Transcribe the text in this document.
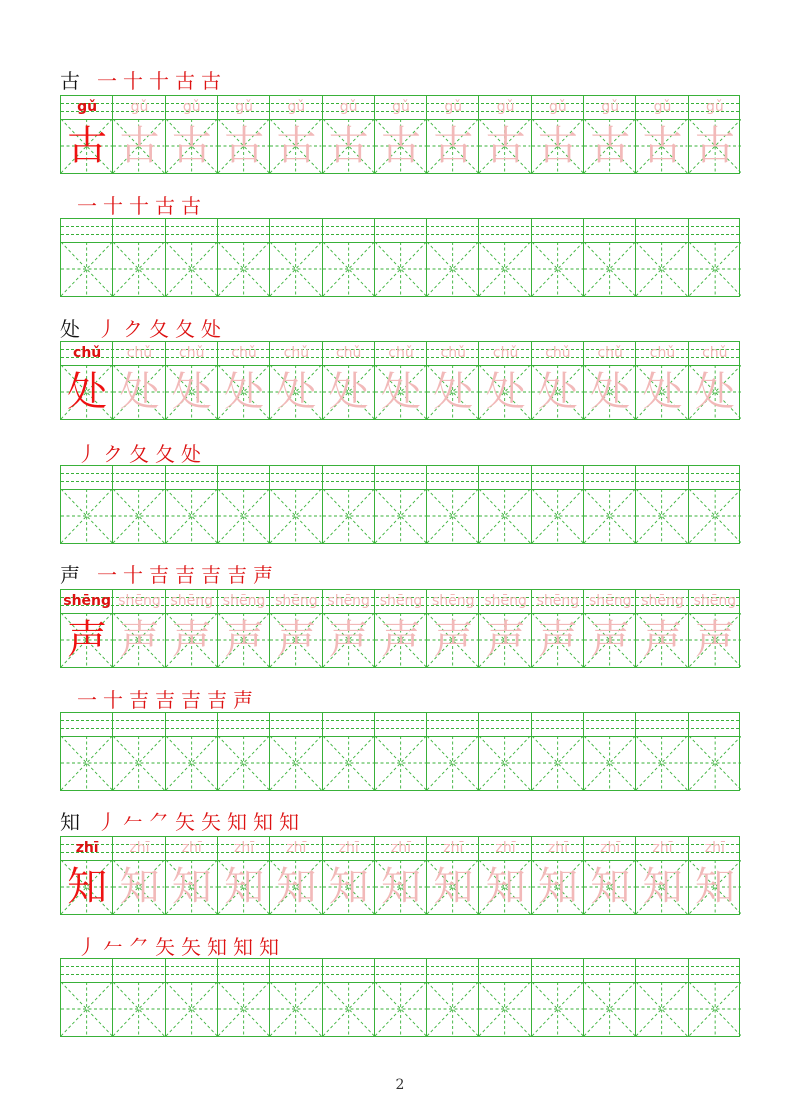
古 一 十 十 古 古
gǔ
古
gǔ
古
gǔ
古
gǔ
古
gǔ
古
gǔ
古
gǔ
古
gǔ
古
gǔ
古
gǔ
古
gǔ
古
gǔ
古
gǔ
古
一 十 十 古 古
处 丿 ク 夂 夂 处
chǔ
处
chǔ
处
chǔ
处
chǔ
处
chǔ
处
chǔ
处
chǔ
处
chǔ
处
chǔ
处
chǔ
处
chǔ
处
chǔ
处
chǔ
处
丿 ク 夂 夂 处
声 一 十 吉 吉 吉 吉 声
shēng
声
shēng
声
shēng
声
shēng
声
shēng
声
shēng
声
shēng
声
shēng
声
shēng
声
shēng
声
shēng
声
shēng
声
shēng
声
一 十 吉 吉 吉 吉 声
知 丿 𠂉 ⺈ 矢 矢 知 知 知
zhī
知
zhī
知
zhī
知
zhī
知
zhī
知
zhī
知
zhī
知
zhī
知
zhī
知
zhī
知
zhī
知
zhī
知
zhī
知
丿 𠂉 ⺈ 矢 矢 知 知 知
2
